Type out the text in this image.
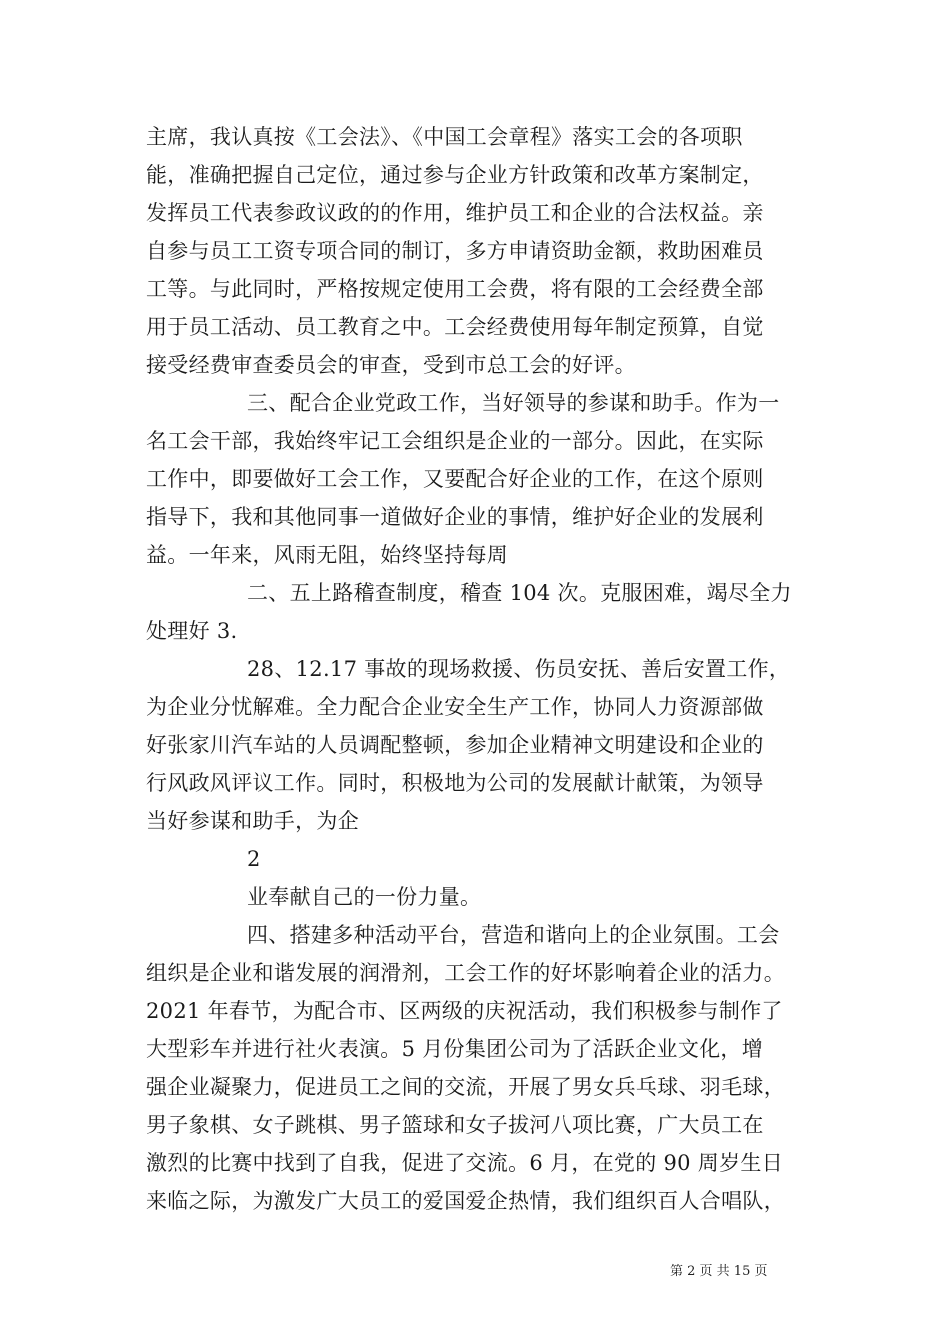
主席，我认真按《工会法》、《中国工会章程》落实工会的各项职
能，准确把握自己定位，通过参与企业方针政策和改革方案制定，
发挥员工代表参政议政的的作用，维护员工和企业的合法权益。亲
自参与员工工资专项合同的制订，多方申请资助金额，救助困难员
工等。与此同时，严格按规定使用工会费，将有限的工会经费全部
用于员工活动、员工教育之中。工会经费使用每年制定预算，自觉
接受经费审查委员会的审查，受到市总工会的好评。
三、配合企业党政工作，当好领导的参谋和助手。作为一
名工会干部，我始终牢记工会组织是企业的一部分。因此，在实际
工作中，即要做好工会工作，又要配合好企业的工作，在这个原则
指导下，我和其他同事一道做好企业的事情，维护好企业的发展利
益。一年来，风雨无阻，始终坚持每周
二、五上路稽查制度，稽查 104 次。克服困难，竭尽全力
处理好 3.
28、12.17 事故的现场救援、伤员安抚、善后安置工作，
为企业分忧解难。全力配合企业安全生产工作，协同人力资源部做
好张家川汽车站的人员调配整顿，参加企业精神文明建设和企业的
行风政风评议工作。同时，积极地为公司的发展献计献策，为领导
当好参谋和助手，为企
2
业奉献自己的一份力量。
四、搭建多种活动平台，营造和谐向上的企业氛围。工会
组织是企业和谐发展的润滑剂，工会工作的好坏影响着企业的活力。
2021 年春节，为配合市、区两级的庆祝活动，我们积极参与制作了
大型彩车并进行社火表演。5 月份集团公司为了活跃企业文化，增
强企业凝聚力，促进员工之间的交流，开展了男女兵乓球、羽毛球，
男子象棋、女子跳棋、男子篮球和女子拔河八项比赛，广大员工在
激烈的比赛中找到了自我，促进了交流。6 月，在党的 90 周岁生日
来临之际，为激发广大员工的爱国爱企热情，我们组织百人合唱队，
第 2 页 共 15 页
